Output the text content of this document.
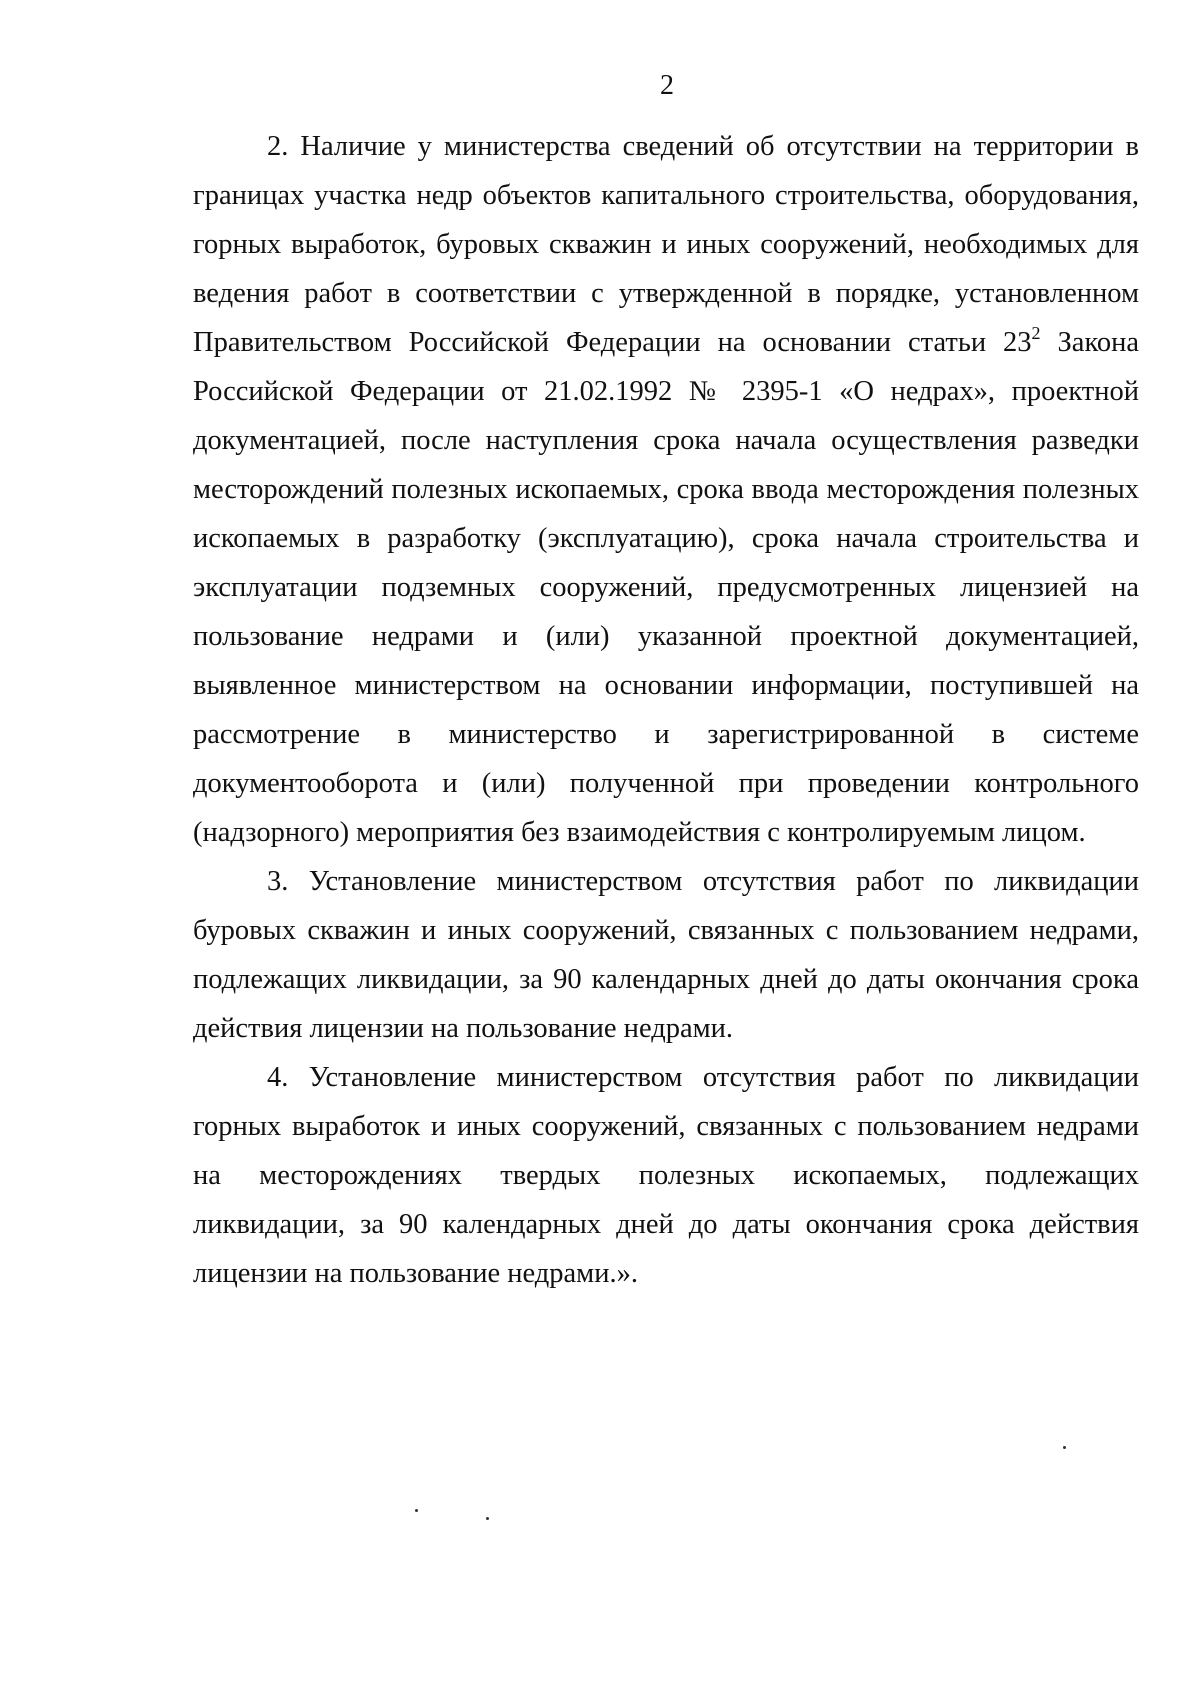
2

2. Наличие у министерства сведений об отсутствии на территории в границах участка недр объектов капитального строительства, оборудования, горных выработок, буровых скважин и иных сооружений, необходимых для ведения работ в соответствии с утвержденной в порядке, установленном Правительством Российской Федерации на основании статьи $23^2$ Закона Российской Федерации от 21.02.1992 № 2395-1 «О недрах», проектной документацией, после наступления срока начала осуществления разведки месторождений полезных ископаемых, срока ввода месторождения полезных ископаемых в разработку (эксплуатацию), срока начала строительства и эксплуатации подземных сооружений, предусмотренных лицензией на пользование недрами и (или) указанной проектной документацией, выявленное министерством на основании информации, поступившей на рассмотрение в министерство и зарегистрированной в системе документооборота и (или) полученной при проведении контрольного (надзорного) мероприятия без взаимодействия с контролируемым лицом.

3. Установление министерством отсутствия работ по ликвидации буровых скважин и иных сооружений, связанных с пользованием недрами, подлежащих ликвидации, за 90 календарных дней до даты окончания срока действия лицензии на пользование недрами.

4. Установление министерством отсутствия работ по ликвидации горных выработок и иных сооружений, связанных с пользованием недрами на месторождениях твердых полезных ископаемых, подлежащих ликвидации, за 90 календарных дней до даты окончания срока действия лицензии на пользование недрами.».
